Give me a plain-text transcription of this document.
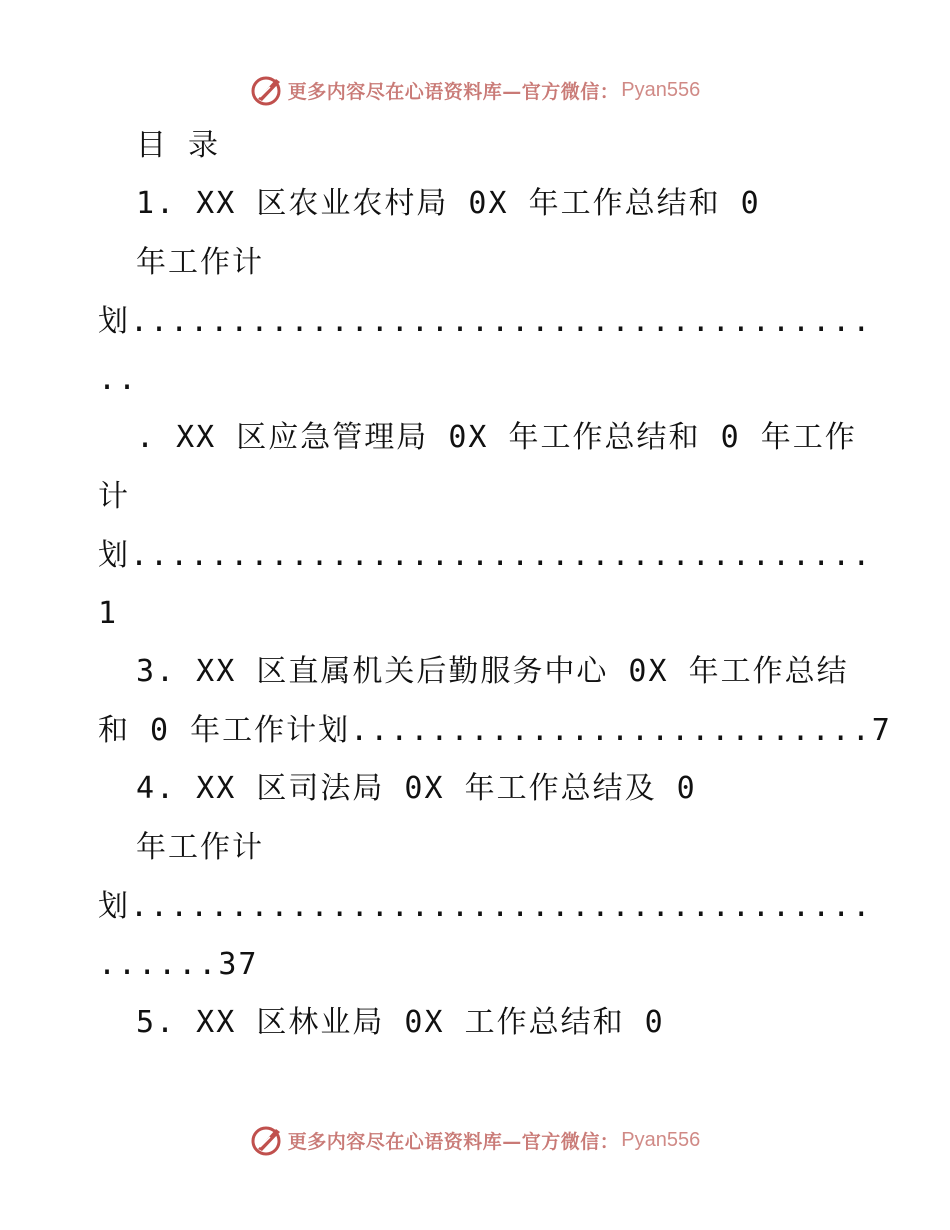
更多内容尽在心语资料库—官方微信： Pyan556
目 录
1. XX 区农业农村局 0X 年工作总结和 0
年工作计
划.....................................
..
. XX 区应急管理局 0X 年工作总结和 0 年工作
计
划.....................................
1
3. XX 区直属机关后勤服务中心 0X 年工作总结
和 0 年工作计划..........................7
4. XX 区司法局 0X 年工作总结及 0
年工作计
划.....................................
......37
5. XX 区林业局 0X 工作总结和 0
更多内容尽在心语资料库—官方微信： Pyan556
